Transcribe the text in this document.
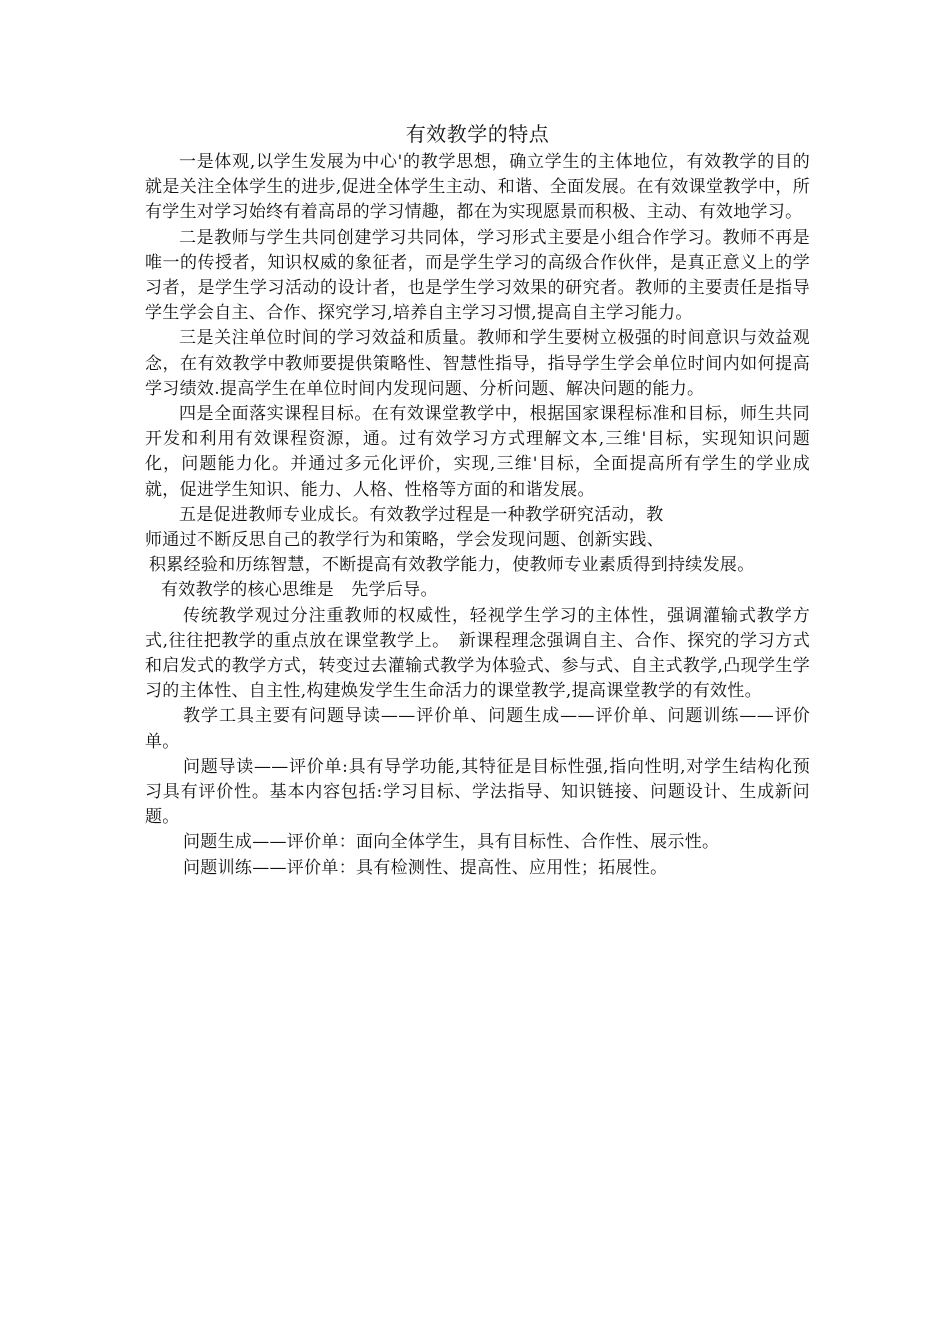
有效教学的特点

一是体观,以学生发展为中心'的教学思想，确立学生的主体地位，有效教学的目的就是关注全体学生的进步,促进全体学生主动、和谐、全面发展。在有效课堂教学中，所有学生对学习始终有着高昂的学习情趣，都在为实现愿景而积极、主动、有效地学习。

二是教师与学生共同创建学习共同体，学习形式主要是小组合作学习。教师不再是唯一的传授者，知识权威的象征者，而是学生学习的高级合作伙伴，是真正意义上的学习者，是学生学习活动的设计者，也是学生学习效果的研究者。教师的主要责任是指导学生学会自主、合作、探究学习,培养自主学习习惯,提高自主学习能力。

三是关注单位时间的学习效益和质量。教师和学生要树立极强的时间意识与效益观念，在有效教学中教师要提供策略性、智慧性指导，指导学生学会单位时间内如何提高学习绩效.提高学生在单位时间内发现问题、分析问题、解决问题的能力。

四是全面落实课程目标。在有效课堂教学中，根据国家课程标准和目标，师生共同开发和利用有效课程资源，通。过有效学习方式理解文本,三维'目标，实现知识问题化，问题能力化。并通过多元化评价，实现,三维'目标，全面提高所有学生的学业成就，促进学生知识、能力、人格、性格等方面的和谐发展。

五是促进教师专业成长。有效教学过程是一种教学研究活动，教
师通过不断反思自己的教学行为和策略，学会发现问题、创新实践、
积累经验和历练智慧，不断提高有效教学能力，使教师专业素质得到持续发展。

有效教学的核心思维是　先学后导。

传统教学观过分注重教师的权威性，轻视学生学习的主体性，强调灌输式教学方式,往往把教学的重点放在课堂教学上。　新课程理念强调自主、合作、探究的学习方式和启发式的教学方式，转变过去灌输式教学为体验式、参与式、自主式教学,凸现学生学习的主体性、自主性,构建焕发学生生命活力的课堂教学,提高课堂教学的有效性。

教学工具主要有问题导读——评价单、问题生成——评价单、问题训练——评价单。

问题导读——评价单:具有导学功能,其特征是目标性强,指向性明,对学生结构化预习具有评价性。基本内容包括:学习目标、学法指导、知识链接、问题设计、生成新问题。

问题生成——评价单：面向全体学生，具有目标性、合作性、展示性。

问题训练——评价单：具有检测性、提高性、应用性；拓展性。
